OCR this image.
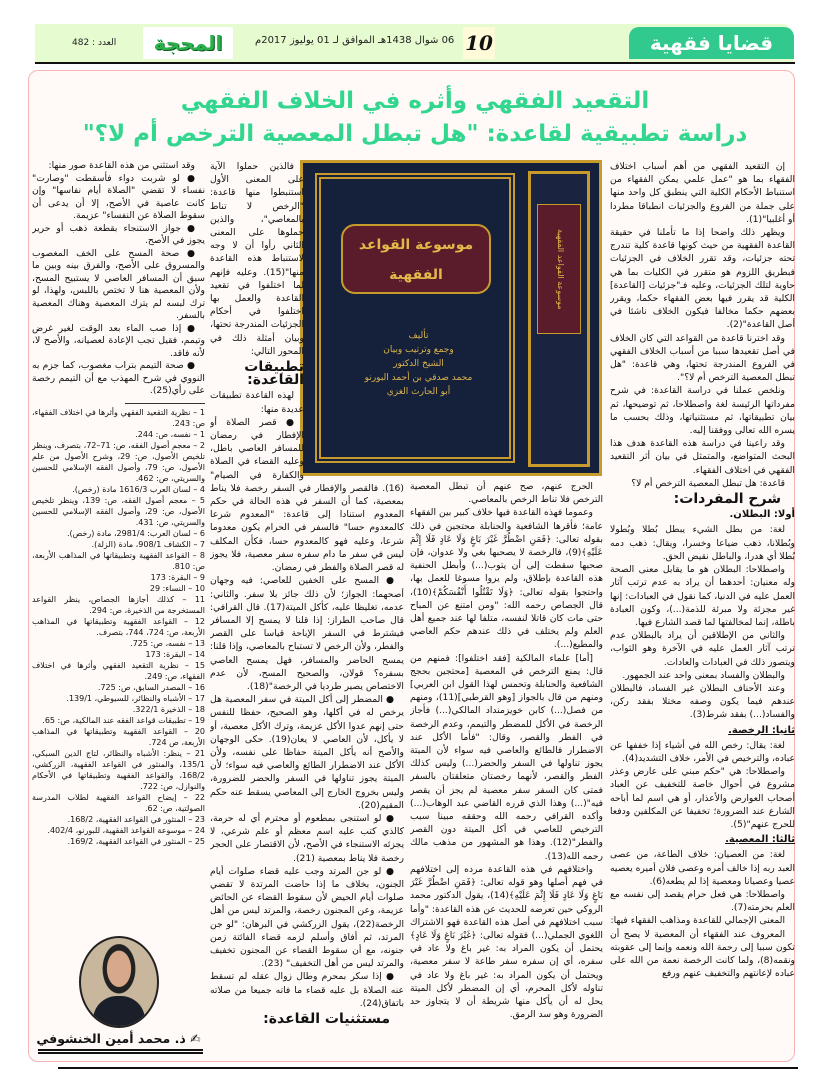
قضايا فقهية
10
06 شوال 1438هـ الموافق لـ 01 يوليوز 2017م
المحجة
العدد : 482
التقعيد الفقهي وأثره في الخلاف الفقهي
دراسة تطبيقية لقاعدة: "هل تبطل المعصية الترخص أم لا؟"
موسوعة القواعد الفقهية
تأليف
وجمع وترتيب وبيان
الشيخ الدكتور
محمد صدقي بن أحمد البورنو
أبو الحارث الغزي
موسوعة القواعد الفقهية

إن التقعيد الفقهي من أهم أسباب اختلاف الفقهاء بما هو "عمل علمي يمكن الفقهاء من استنباط الأحكام الكلية التي ينطبق كل واحد منها على جملة من الفروع والجزئيات انطباقا مطردا أو أغلبيا"(1).

ويظهر ذلك واضحا إذا ما تأملنا في حقيقة القاعدة الفقهية من حيث كونها قاعدة كلية تندرج تحته جزئيات، وقد تقرر الخلاف في الجزئيات فبطريق اللزوم هو متقرر في الكليات بما هي حاوية لتلك الجزئيات، وعليه فـ"جزئيات [القاعدة] الكلية قد يقرر فيها بعض الفقهاء حكما، ويقرر بعضهم حكما مخالفا فيكون الخلاف ناشئا في أصل القاعدة"(2).

وقد اخترنا قاعدة من القواعد التي كان الخلاف في أصل تقعيدها سببا من أسباب الخلاف الفقهي في الفروع المندرجة تحتها، وهي قاعدة: "هل تبطل المعصية الترخص أم لا؟".

ونلخص عملنا في دراسة القاعدة: في شرح مفرداتها الرئيسة لغة واصطلاحا، ثم توضيحها، ثم بيان تطبيقاتها، ثم مستثنياتها، وذلك بحسب ما يسره الله تعالى ووفقنا إليه.

وقد راعينا في دراسة هذه القاعدة هدف هذا البحث المتواضع، والمتمثل في بيان أثر التقعيد الفقهي في اختلاف الفقهاء.

قاعدة: هل تبطل المعصية الترخص أم لا؟

شرح المفردات:
أولا: البطلان.

لغة: من بطل الشيء يبطل بُطلا وبُطولا وبُطلانا، ذهب ضياعا وخسرا، ويقال: ذهب دمه بُطلا أي هدرا، والباطل نقيض الحق.

واصطلاحا: البطلان هو ما يقابل معنى الصحة وله معنيان: أحدهما أن يراد به عدم ترتب آثار العمل عليه في الدنيا، كما نقول في العبادات: إنها غير مجزئة ولا مبرئة للذمة(...)، وكون العبادة باطلة، إنما لمخالفتها لما قصد الشارع فيها.

والثاني من الإطلاقين أن يراد بالبطلان عدم ترتب آثار العمل عليه في الآخرة وهو الثواب، ويتصور ذلك في العبادات والعادات.

والبطلان والفساد بمعنى واحد عند الجمهور.

وعند الأحناف البطلان غير الفساد، فالبطلان عندهم فيما يكون وصفه مختلا بفقد ركن، والفساد(...) بفقد شرط(3).

ثانيا: الرخصة.

لغة: يقال: رخص الله في أشياء إذا خففها عن عباده، والترخيص في الأمر، خلاف التشديد(4).

واصطلاحا: هي "حكم مبني على عارض وعذر مشروع في أحوال خاصة للتخفيف عن العباد أصحاب العوارض والأعذار، أو هي اسم لما أباحه الشارع عند الضرورة؛ تخفيفا عن المكلفين ودفعا للحرج عنهم"(5).

ثالثا: المعصية.

لغة: من العصيان: خلاف الطاعة، من عصى العبد ربه إذا خالف أمره وعصى فلان أميره يعصيه عصيا وعصيانا ومعصية إذا لم يطعه(6).

واصطلاحا: هي فعل حرام يقصد إلى نفسه مع العلم بحرمته(7).

المعنى الإجمالي للقاعدة ومذاهب الفقهاء فيها:

المعروف عند الفقهاء أن المعصية لا يصح أن تكون سببا إلى رحمة الله ونعمه وإنما إلى عقوبته ونقمه(8)، ولما كانت الرخصة نعمة من الله على عباده لإعانتهم والتخفيف عنهم ورفع

الحرج عنهم، صح عنهم أن تبطل المعصية الترخص فلا تناط الرخص بالمعاصي.

وعموما فهذه القاعدة فيها خلاف كبير بين الفقهاء عامة؛ فأقرها الشافعية والحنابلة محتجين في ذلك بقوله تعالى: ﴿فَمَنِ اضْطُرَّ غَيْرَ بَاغٍ وَلَا عَادٍ فَلَا إِثْمَ عَلَيْهِ﴾(9)، فالرخصة لا يصحبها بغي ولا عدوان، فإن صحبها سقطت إلى أن يتوب(...) وأبطل الحنفية هذه القاعدة بإطلاق، ولم يروا مسوغا للعمل بها، واحتجوا بقوله تعالى: ﴿وَلَا تَقْتُلُوا أَنْفُسَكُمْ﴾(10)، قال الجصاص رحمه الله: "ومن امتنع عن المباح حتى مات كان قاتلا لنفسه، متلفا لها عند جميع أهل العلم ولم يختلف في ذلك عندهم حكم العاصي والمطيع(...).

[أما] علماء المالكية [فقد اختلفوا]: فمنهم من قال: يمنع الترخص في المعصية [محتجين بحجج الشافعية والحنابلة وتحمس لهذا القول ابن العربي] ومنهم من قال بالجواز [وهو القرطبي](11)، ومنهم من فصل(...) كابن خويزمنداد المالكي(...) فأجاز الرخصة في الأكل للمضطر والتيمم، وعدم الرخصة في الفطر والقصر، وقال: "فأما الأكل عند الاضطرار فالطائع والعاصي فيه سواء لأن الميتة يجوز تناولها في السفر والحضر(...) وليس كذلك الفطر والقصر، لأنهما رخصتان متعلقتان بالسفر فمتى كان السفر سفر معصية لم يجز أن يقصر فيه"(...) وهذا الذي قرره القاضي عبد الوهاب(...) وأكده القرافي رحمه الله وحققه مبينا سبب الترخيص للعاصي في أكل الميتة دون القصر والفطر"(12). وهذا هو المشهور من مذهب مالك رحمه الله(13).

واختلافهم في هذه القاعدة مرده إلى اختلافهم في فهم أصلها وهو قوله تعالى: ﴿فَمَنِ اضْطُرَّ غَيْرَ بَاغٍ وَلَا عَادٍ فَلَا إِثْمَ عَلَيْهِ﴾(14)، يقول الدكتور محمد الروكي حين تعرضه للحديث عن هذه القاعدة: "وأما سبب اختلافهم في أصل هذه القاعدة فهو الاشتراك اللغوي الجملي(...) فقوله تعالى: ﴿غَيْرَ بَاغٍ وَلَا عَادٍ﴾ يحتمل أن يكون المراد به: غير باغ ولا عاد في سفره، أي إن سفره سفر طاعة لا سفر معصية، ويحتمل أن يكون المراد به: غير باغ ولا عاد في تناوله لأكل المحرم، أي إن المضطر لأكل الميتة يحل له أن يأكل منها شريطة أن لا يتجاوز حد الضرورة وهو سد الرمق.

فالذين حملوا الآية على المعنى الأول استنبطوا منها قاعدة: "الرخص لا تناط بالمعاصي"، والذين حملوها على المعنى الثاني رأوا أن لا وجه لاستنباط هذه القاعدة منها"(15). وعليه فإنهم لما اختلفوا في تقعيد القاعدة والعمل بها اختلفوا في أحكام الجزئيات المندرجة تحتها، وبيان أمثلة ذلك في المحور التالي:

تطبيقات القاعدة:

لهذه القاعدة تطبيقات عديدة منها:

● قصر الصلاة أو الإفطار في رمضان للمسافر العاصي باطل، وعليه القضاء في الصلاة والكفارة في الصيام"(16). فالقصر والإفطار في السفر رخصة فلا يناط بمعصية، كما أن السفر في هذه الحالة في حكم المعدوم استنادا إلى قاعدة: "المعدوم شرعا كالمعدوم حسا" فالسفر في الحرام يكون معدوما شرعا، وعليه فهو كالمعدوم حسا، فكأن المكلف ليس في سفر ما دام سفره سفر معصية، فلا يجوز له قصر الصلاة والفطر في رمضان.

● المسح على الخفين للعاصي: فيه وجهان أصحهما: الجواز؛ لأن ذلك جائز بلا سفر. والثاني: عدمه، تغليظا عليه، كأكل الميتة(17). قال القرافي: قال صاحب الطراز: إذا قلنا لا يمسح إلا المسافر فيشترط في السفر الإباحة قياسا على القصر والفطر، ولأن الرخص لا تستباح بالمعاصي، وإذا قلنا: يمسح الحاضر والمسافر، فهل يمسح العاصي بسفره؟ قولان، والصحيح المسح، لأن عدم الاختصاص يصير طرديا في الرخصة"(18).

● المضطر إلى أكل الميتة في سفر المعصية هل يرخص له في أكلها، وهو الصحيح، حفظا للنفس حتى إنهم عدوا الأكل عزيمة، وترك الأكل معصية، أو لا يأكل، لأن العاصي لا يعان(19). حكى الوجهان والأصح أنه يأكل الميتة حفاظا على نفسه، ولأن الأكل عند الاضطرار الطائع والعاصي فيه سواء؛ لأن الميتة يجوز تناولها في السفر والحضر للضرورة، وليس بخروج الخارج إلى المعاصي يسقط عنه حكم المقيم(20).

● لو استنجى بمطعوم أو محترم أي له حرمة، كالذي كتب عليه اسم معظم أو علم شرعي، لا يجزئه الاستنجاء في الأصح، لأن الاقتصار على الحجر رخصة فلا يناط بمعصية (21).

● لو جن المرتد وجب عليه قضاء صلوات أيام الجنون، بخلاف ما إذا حاضت المرتدة لا تقضي صلوات أيام الحيض لأن سقوط القضاء عن الحائض عزيمة، وعن المجنون رخصة، والمرتد ليس من أهل الرخصة(22)، يقول الزركشي في البرهان: "لو جن المرتد، ثم أفاق وأسلم لزمه قضاء الفائتة زمن جنونه، مع أن سقوط القضاء عن المجنون تخفيف والمرتد ليس من أهل التخفيف" (23).

● إذا سكر بمحرم وطال زوال عقله لم تسقط عنه الصلاة بل عليه قضاء ما فاته جميعا من صلاته باتفاق(24).

مستثنيات القاعدة:

وقد استثني من هذه القاعدة صور منها:

● لو شربت دواء فأسقطت "وصارت" نفساء لا تقضي "الصلاة أيام نفاسها" وإن كانت عاصية في الأصح، إلا أن يدعى أن سقوط الصلاة عن النفساء" عزيمة.

● جواز الاستنجاء بقطعة ذهب أو حرير يجوز في الأصح.

● صحة المسح على الخف المغصوب والمسروق على الأصح، والفرق بينه وبين ما سبق أن المسافر العاصي لا يستبيح المسح، ولأن المعصية هنا لا تختص باللبس، ولهذا، لو ترك لبسه لم يترك المعصية وهناك المعصية بالسفر.

● إذا صب الماء بعد الوقت لغير غرض وتيمم، فقيل تجب الإعادة لعصيانه، والأصح لا، لأنه فاقد.

● صحة التيمم بتراب مغصوب، كما جزم به النووي في شرح المهذب مع أن التيمم رخصة على رأي(25).

1 – نظرية التقعيد الفقهي وأثرها في اختلاف الفقهاء، ص: 243.

1 – نفسه، ص: 244.

2 – معجم أصول الفقه، ص: 71–72، بتصرف، وينظر تلخيص الأصول، ص: 29، وشرح الأصول من علم الأصول، ص: 79، وأصول الفقه الإسلامي للحسين والسريتي، ص: 462.

4 – لسان العرب 1616/3 مادة (رخص).

5 – معجم أصول الفقه، ص: 139، وينظر تلخيص الأصول، ص: 29، وأصول الفقه الإسلامي للحسين والسريتي، ص: 431.

6 – لسان العرب: 2981/4، مادة (رخص).

7 – الكشاف 908/1، مادة (الزلة).

8 – القواعد الفقهية وتطبيقاتها في المذاهب الأربعة، ص: 810.

9 – البقرة: 173

10 – النساء: 29

11 – كذلك أجازها الجصاص، ينظر القواعد المستخرجة من الذخيرة، ص: 294.

12 – القواعد الفقهية وتطبيقاتها في المذاهب الأربعة، ص: 724، 744، بتصرف.

13 – نفسه، ص: 725.

14 – البقرة: 173

15 – نظرية التقعيد الفقهي وأثرها في اختلاف الفقهاء، ص: 249.

16 – المصدر السابق، ص: 725.

17 – الأشباه والنظائر، للسيوطي، 139/1.

18 – الذخيرة 322/1.

19 – تطبيقات قواعد الفقه عند المالكية، ص: 65.

20 – القواعد الفقهية وتطبيقاتها في المذاهب الأربعة، ص 724.

21 – ينظر: الأشباه والنظائر، لتاج الدين السبكي، 135/1، والمنثور في القواعد الفقهية، الزركشي، 168/2، والقواعد الفقهية وتطبيقاتها في الأحكام والنوازل، ص: 722.

22 – إيضاح القواعد الفقهية لطلاب المدرسة الصولتية، ص: 62.

23 – المنثور في القواعد الفقهية، 168/2.

24 – موسوعة القواعد الفقهية، للبورنو، 402/4.

25 – المنثور في القواعد الفقهية، 169/2.

✍ ذ. محمد أمين الخنشوفي
